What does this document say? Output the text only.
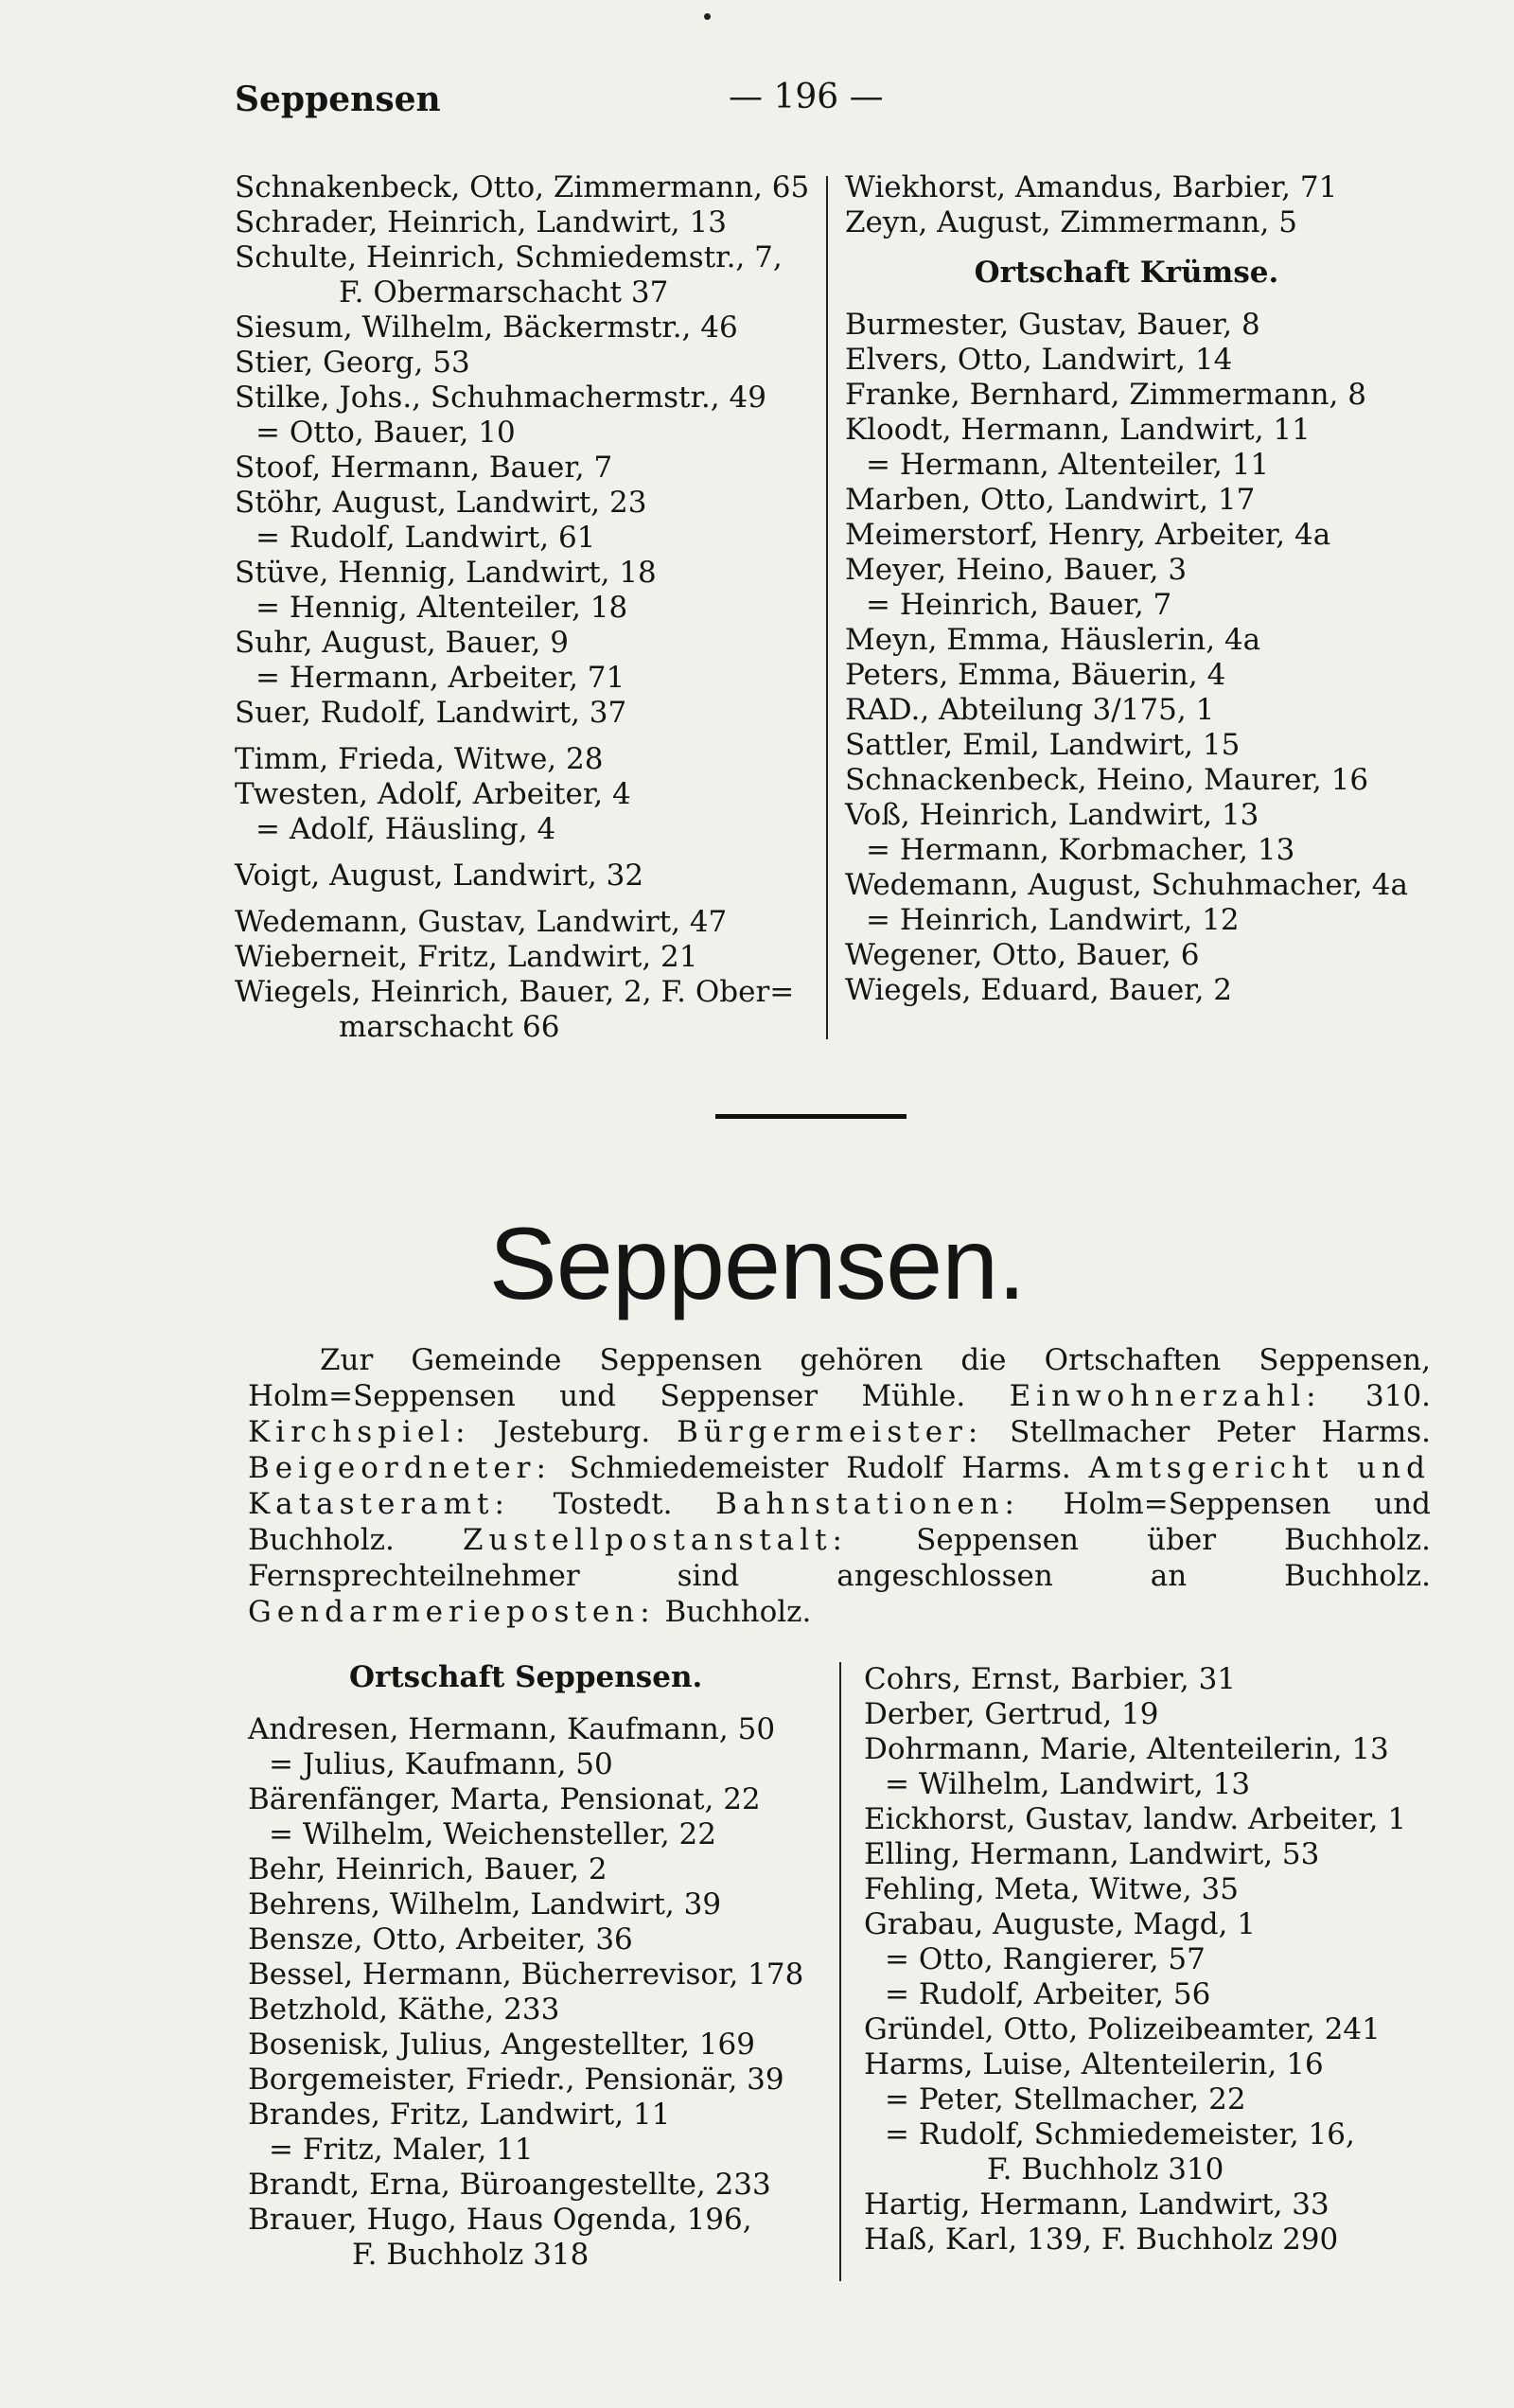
Seppensen	— 196 —
Schnakenbeck, Otto, Zimmermann, 65
Schrader, Heinrich, Landwirt, 13
Schulte, Heinrich, Schmiedemstr., 7,
F. Obermarschacht 37
Siesum, Wilhelm, Bäckermstr., 46
Stier, Georg, 53
Stilke, Johs., Schuhmachermstr., 49
= Otto, Bauer, 10
Stoof, Hermann, Bauer, 7
Stöhr, August, Landwirt, 23
= Rudolf, Landwirt, 61
Stüve, Hennig, Landwirt, 18
= Hennig, Altenteiler, 18
Suhr, August, Bauer, 9
= Hermann, Arbeiter, 71
Suer, Rudolf, Landwirt, 37
Timm, Frieda, Witwe, 28
Twesten, Adolf, Arbeiter, 4
= Adolf, Häusling, 4
Voigt, August, Landwirt, 32
Wedemann, Gustav, Landwirt, 47
Wieberneit, Fritz, Landwirt, 21
Wiegels, Heinrich, Bauer, 2, F. Ober=
marschacht 66
Wiekhorst, Amandus, Barbier, 71
Zeyn, August, Zimmermann, 5
Ortschaft Krümse.
Burmester, Gustav, Bauer, 8
Elvers, Otto, Landwirt, 14
Franke, Bernhard, Zimmermann, 8
Kloodt, Hermann, Landwirt, 11
= Hermann, Altenteiler, 11
Marben, Otto, Landwirt, 17
Meimerstorf, Henry, Arbeiter, 4a
Meyer, Heino, Bauer, 3
= Heinrich, Bauer, 7
Meyn, Emma, Häuslerin, 4a
Peters, Emma, Bäuerin, 4
RAD., Abteilung 3/175, 1
Sattler, Emil, Landwirt, 15
Schnackenbeck, Heino, Maurer, 16
Voß, Heinrich, Landwirt, 13
= Hermann, Korbmacher, 13
Wedemann, August, Schuhmacher, 4a
= Heinrich, Landwirt, 12
Wegener, Otto, Bauer, 6
Wiegels, Eduard, Bauer, 2
Seppensen.

Zur Gemeinde Seppensen gehören die Ortschaften Seppensen, Holm=Seppensen und Seppenser Mühle. Einwohnerzahl: 310. Kirchspiel: Jesteburg. Bürgermeister: Stellmacher Peter Harms. Beigeordneter: Schmiedemeister Rudolf Harms. Amtsgericht und Katasteramt: Tostedt. Bahnstationen: Holm=Seppensen und Buchholz. Zustellpostanstalt: Seppensen über Buchholz. Fernsprechteilnehmer sind angeschlossen an Buchholz. Gendarmerieposten: Buchholz.

Ortschaft Seppensen.
Andresen, Hermann, Kaufmann, 50
= Julius, Kaufmann, 50
Bärenfänger, Marta, Pensionat, 22
= Wilhelm, Weichensteller, 22
Behr, Heinrich, Bauer, 2
Behrens, Wilhelm, Landwirt, 39
Bensze, Otto, Arbeiter, 36
Bessel, Hermann, Bücherrevisor, 178
Betzhold, Käthe, 233
Bosenisk, Julius, Angestellter, 169
Borgemeister, Friedr., Pensionär, 39
Brandes, Fritz, Landwirt, 11
= Fritz, Maler, 11
Brandt, Erna, Büroangestellte, 233
Brauer, Hugo, Haus Ogenda, 196,
F. Buchholz 318
Cohrs, Ernst, Barbier, 31
Derber, Gertrud, 19
Dohrmann, Marie, Altenteilerin, 13
= Wilhelm, Landwirt, 13
Eickhorst, Gustav, landw. Arbeiter, 1
Elling, Hermann, Landwirt, 53
Fehling, Meta, Witwe, 35
Grabau, Auguste, Magd, 1
= Otto, Rangierer, 57
= Rudolf, Arbeiter, 56
Gründel, Otto, Polizeibeamter, 241
Harms, Luise, Altenteilerin, 16
= Peter, Stellmacher, 22
= Rudolf, Schmiedemeister, 16,
F. Buchholz 310
Hartig, Hermann, Landwirt, 33
Haß, Karl, 139, F. Buchholz 290
